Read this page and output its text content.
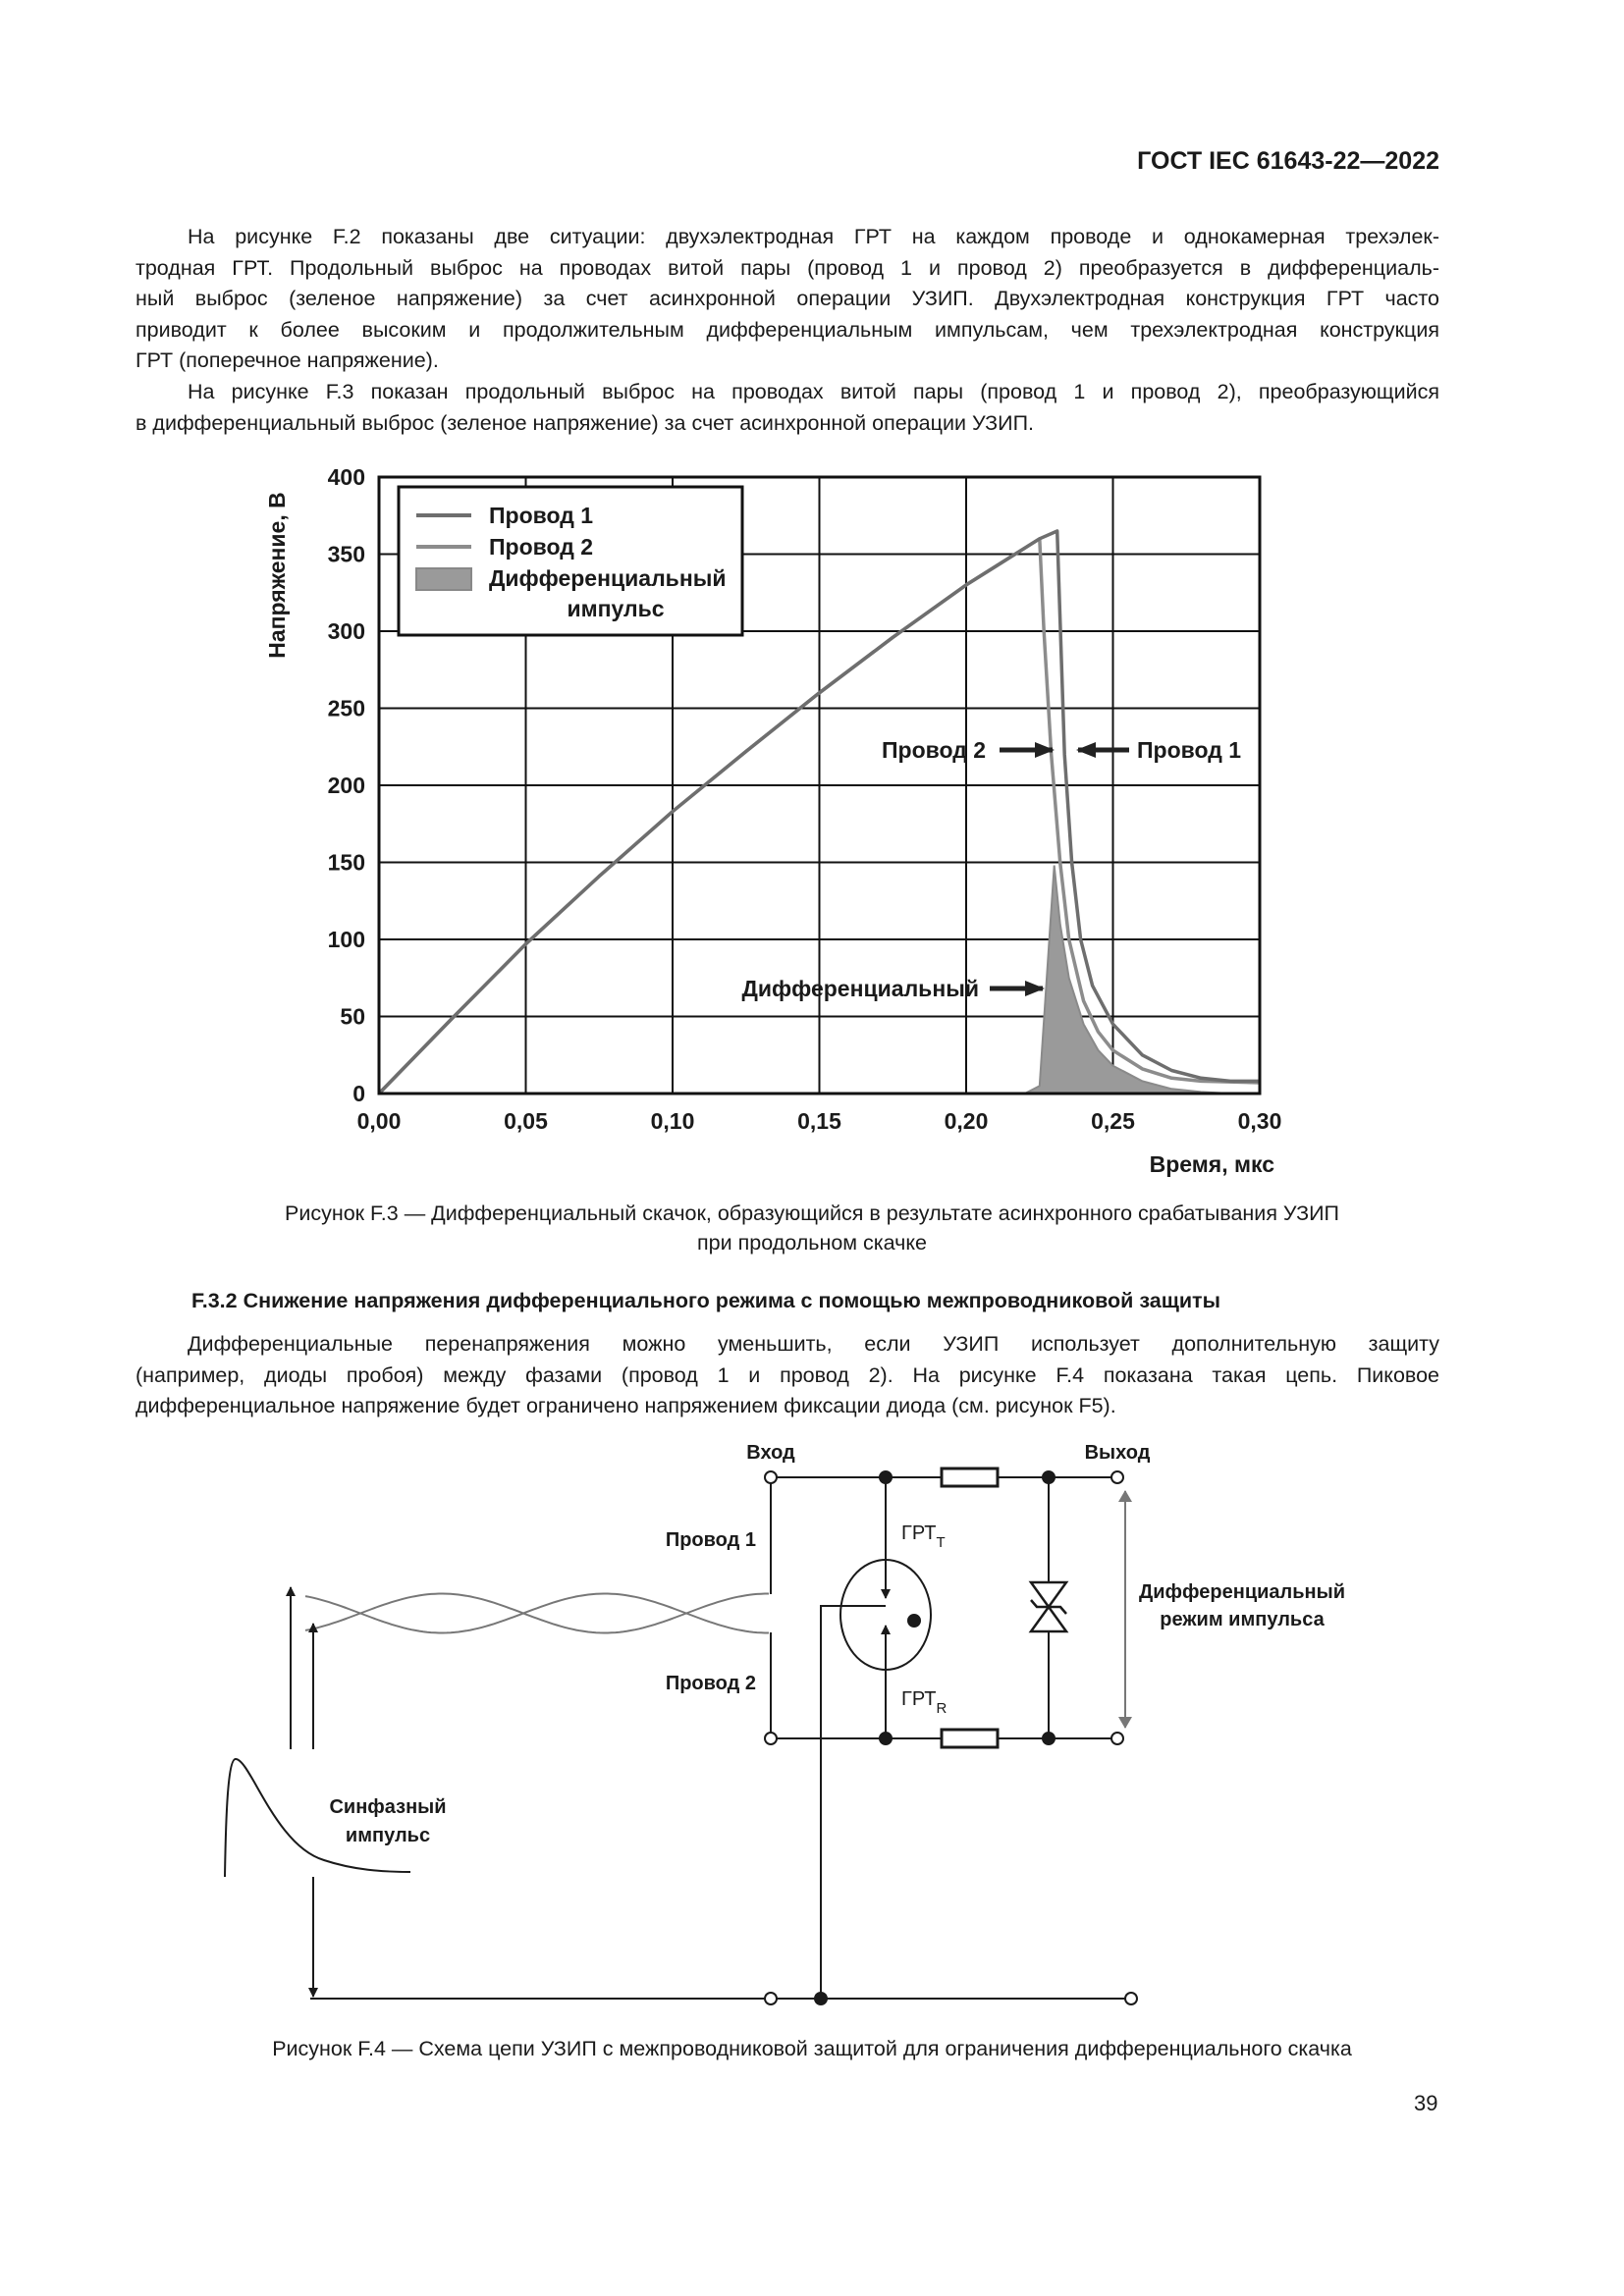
ГОСТ IEC 61643-22—2022
На рисунке F.2 показаны две ситуации: двухэлектродная ГРТ на каждом проводе и однокамерная трехэлек-
тродная ГРТ. Продольный выброс на проводах витой пары (провод 1 и провод 2) преобразуется в дифференциаль-
ный выброс (зеленое напряжение) за счет асинхронной операции УЗИП. Двухэлектродная конструкция ГРТ часто
приводит к более высоким и продолжительным дифференциальным импульсам, чем трехэлектродная конструкция
ГРТ (поперечное напряжение).
На рисунке F.3 показан продольный выброс на проводах витой пары (провод 1 и провод 2), преобразующийся
в дифференциальный выброс (зеленое напряжение) за счет асинхронной операции УЗИП.
0,00	0,05	0,10	0,15	0,20	0,25	0,30
0
50
100
150
200
250
300
350
400
Напряжение, В
Время, мкс
Провод 1
Провод 2
Дифференциальный
импульс
Провод 2	Провод 1
Дифференциальный
Вход	Выход
Провод 1
Провод 2
$ГРТ_T$
$ГРТ_R$
Дифференциальный
режим импульса
Синфазный
импульс
Рисунок F.3 — Дифференциальный скачок, образующийся в результате асинхронного срабатывания УЗИП
при продольном скачке
F.3.2 Снижение напряжения дифференциального режима с помощью межпроводниковой защиты
Дифференциальные перенапряжения можно уменьшить, если УЗИП использует дополнительную защиту
(например, диоды пробоя) между фазами (провод 1 и провод 2). На рисунке F.4 показана такая цепь. Пиковое
дифференциальное напряжение будет ограничено напряжением фиксации диода (см. рисунок F5).
Рисунок F.4 — Схема цепи УЗИП с межпроводниковой защитой для ограничения дифференциального скачка
39
